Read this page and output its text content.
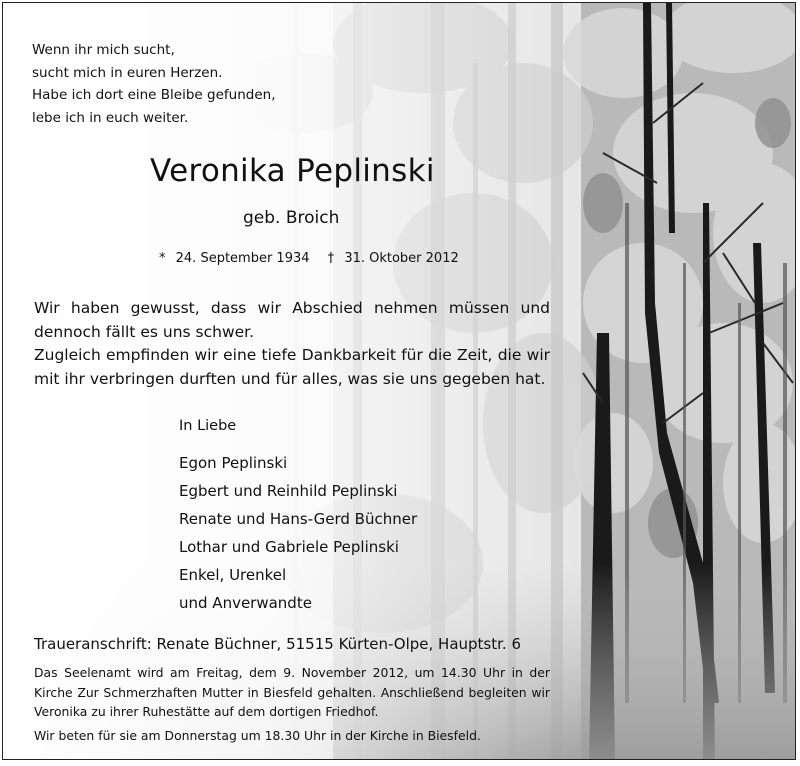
Wenn ihr mich sucht,
sucht mich in euren Herzen.
Habe ich dort eine Bleibe gefunden,
lebe ich in euch weiter.
Veronika Peplinski
geb. Broich
* 24. September 1934 † 31. Oktober 2012

Wir haben gewusst, dass wir Abschied nehmen müssen und dennoch fällt es uns schwer.

Zugleich empfinden wir eine tiefe Dankbarkeit für die Zeit, die wir mit ihr verbringen durften und für alles, was sie uns gegeben hat.

In Liebe
Egon Peplinski
Egbert und Reinhild Peplinski
Renate und Hans-Gerd Büchner
Lothar und Gabriele Peplinski
Enkel, Urenkel
und Anverwandte
Traueranschrift: Renate Büchner, 51515 Kürten-Olpe, Hauptstr. 6

Das Seelenamt wird am Freitag, dem 9. November 2012, um 14.30 Uhr in der Kirche Zur Schmerzhaften Mutter in Biesfeld gehalten. Anschließend begleiten wir Veronika zu ihrer Ruhestätte auf dem dortigen Friedhof.

Wir beten für sie am Donnerstag um 18.30 Uhr in der Kirche in Biesfeld.
